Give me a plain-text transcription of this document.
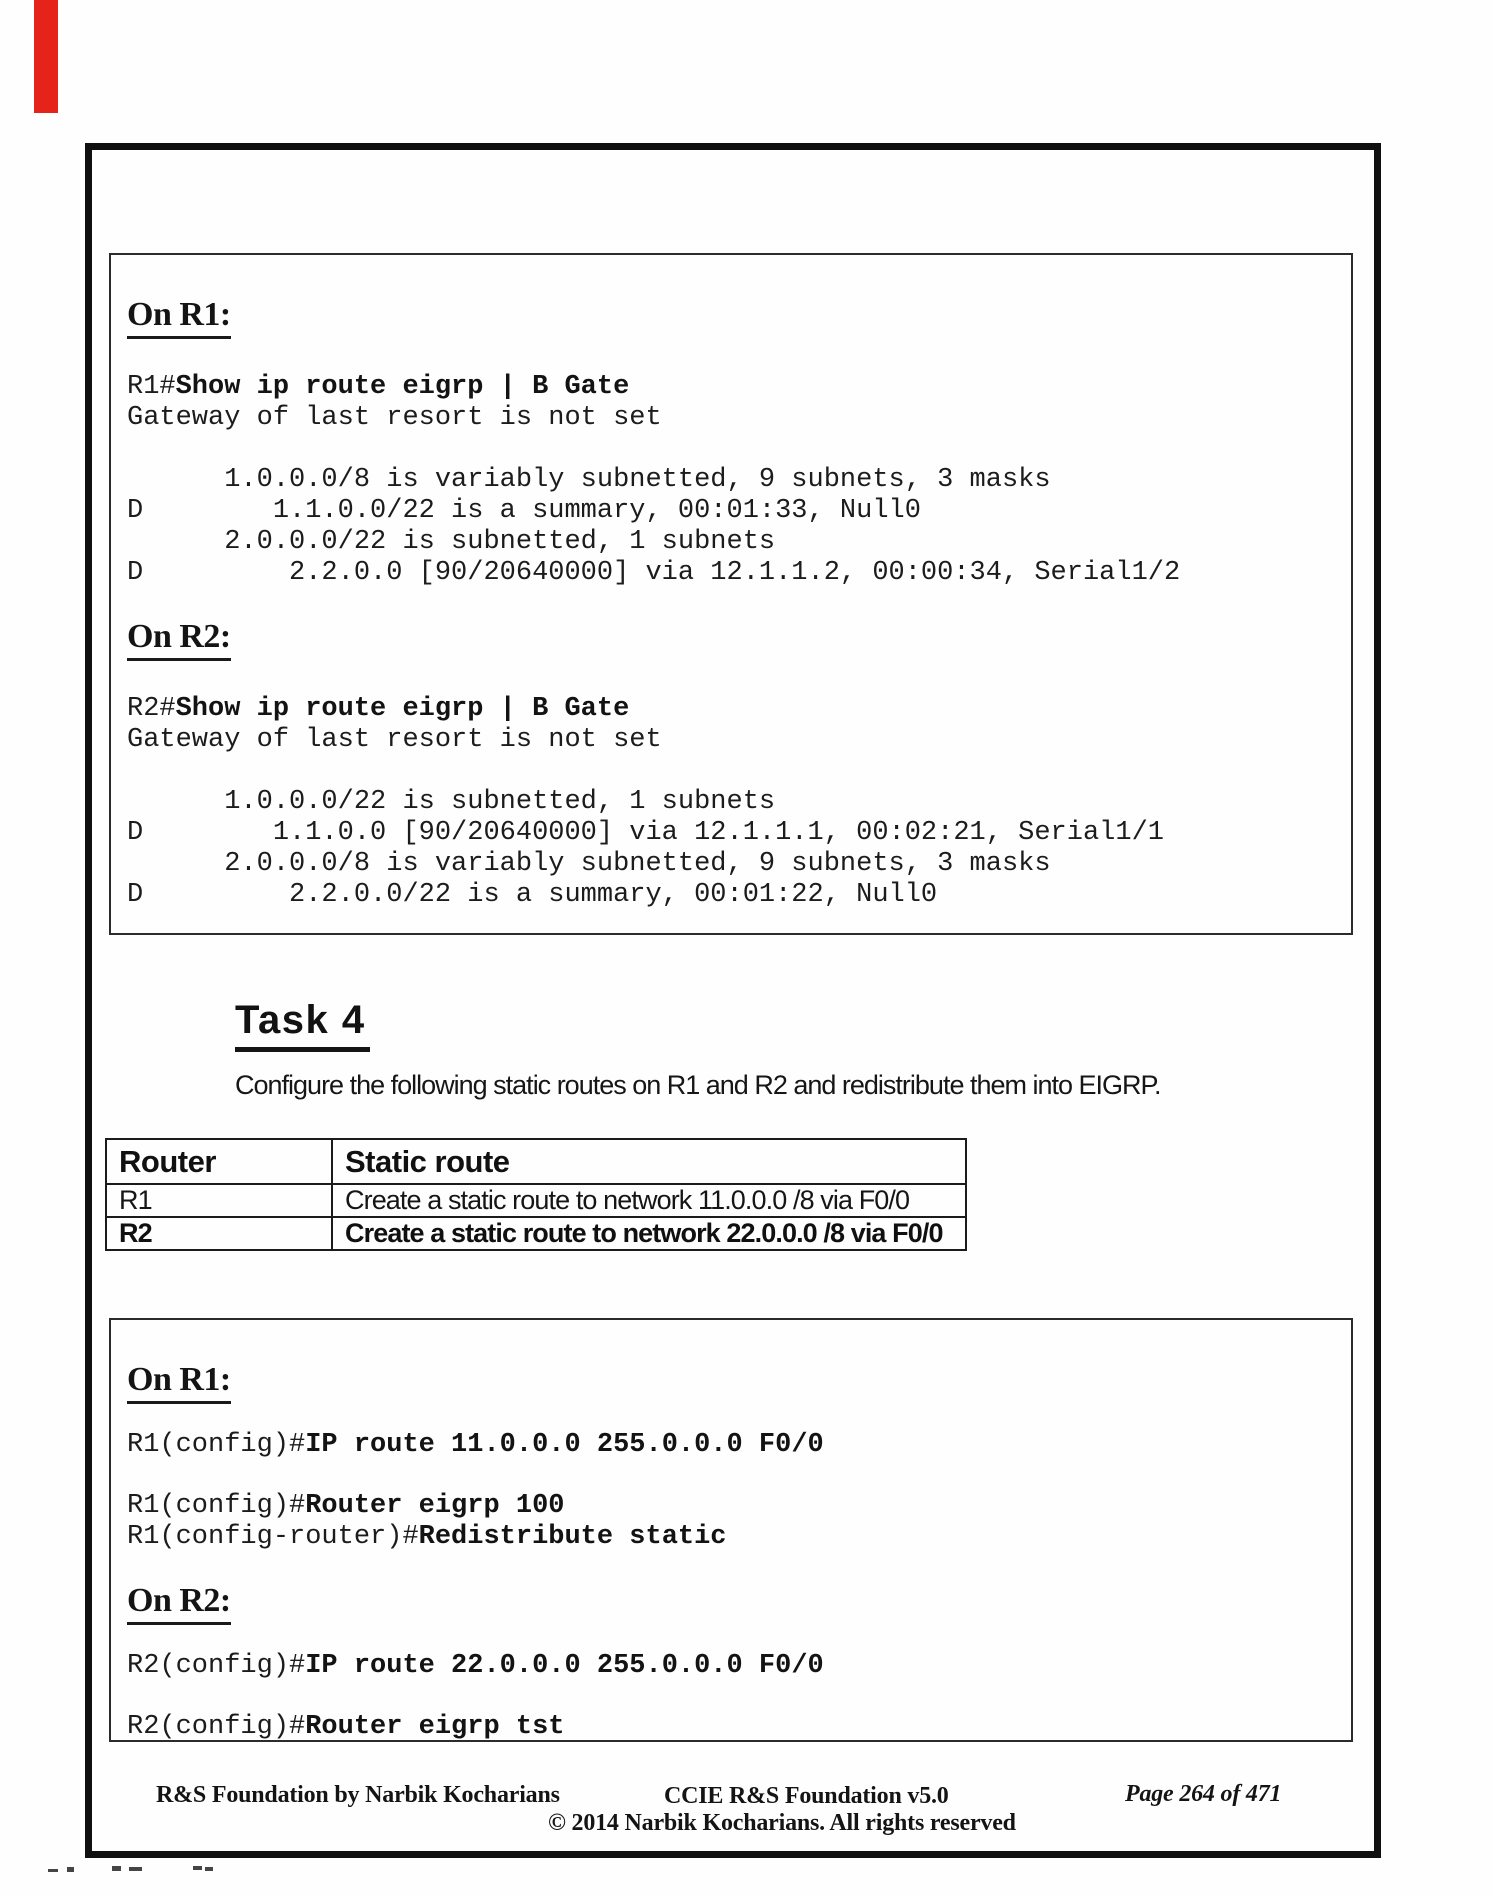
On R1:
R1#Show ip route eigrp | B Gate
Gateway of last resort is not set
1.0.0.0/8 is variably subnetted, 9 subnets, 3 masks
D        1.1.0.0/22 is a summary, 00:01:33, Null0
2.0.0.0/22 is subnetted, 1 subnets
D         2.2.0.0 [90/20640000] via 12.1.1.2, 00:00:34, Serial1/2
On R2:
R2#Show ip route eigrp | B Gate
Gateway of last resort is not set
1.0.0.0/22 is subnetted, 1 subnets
D        1.1.0.0 [90/20640000] via 12.1.1.1, 00:02:21, Serial1/1
2.0.0.0/8 is variably subnetted, 9 subnets, 3 masks
D         2.2.0.0/22 is a summary, 00:01:22, Null0
Task 4

Configure the following static routes on R1 and R2 and redistribute them into EIGRP.

Router	Static route
R1	Create a static route to network 11.0.0.0 /8 via F0/0
R2	Create a static route to network 22.0.0.0 /8 via F0/0
On R1:
R1(config)#IP route 11.0.0.0 255.0.0.0 F0/0
R1(config)#Router eigrp 100
R1(config-router)#Redistribute static
On R2:
R2(config)#IP route 22.0.0.0 255.0.0.0 F0/0
R2(config)#Router eigrp tst
R&S Foundation by Narbik Kocharians	CCIE R&S Foundation v5.0	Page 264 of 471
© 2014 Narbik Kocharians. All rights reserved
